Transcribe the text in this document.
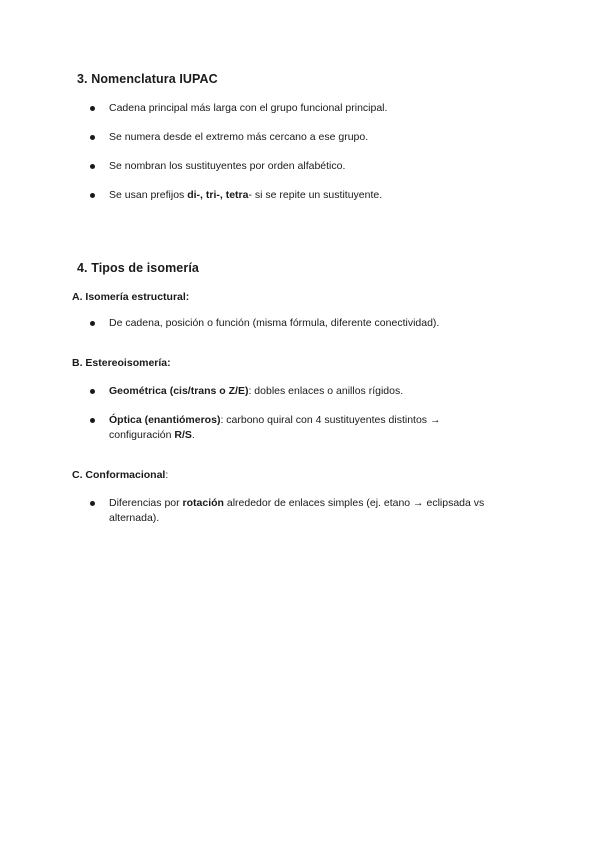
3. Nomenclatura IUPAC
Cadena principal más larga con el grupo funcional principal.
Se numera desde el extremo más cercano a ese grupo.
Se nombran los sustituyentes por orden alfabético.
Se usan prefijos di-, tri-, tetra- si se repite un sustituyente.
4. Tipos de isomería
A. Isomería estructural:
De cadena, posición o función (misma fórmula, diferente conectividad).
B. Estereoisomería:
Geométrica (cis/trans o Z/E): dobles enlaces o anillos rígidos.
Óptica (enantiómeros): carbono quiral con 4 sustituyentes distintos → configuración R/S.
C. Conformacional:
Diferencias por rotación alrededor de enlaces simples (ej. etano → eclipsada vs alternada).
